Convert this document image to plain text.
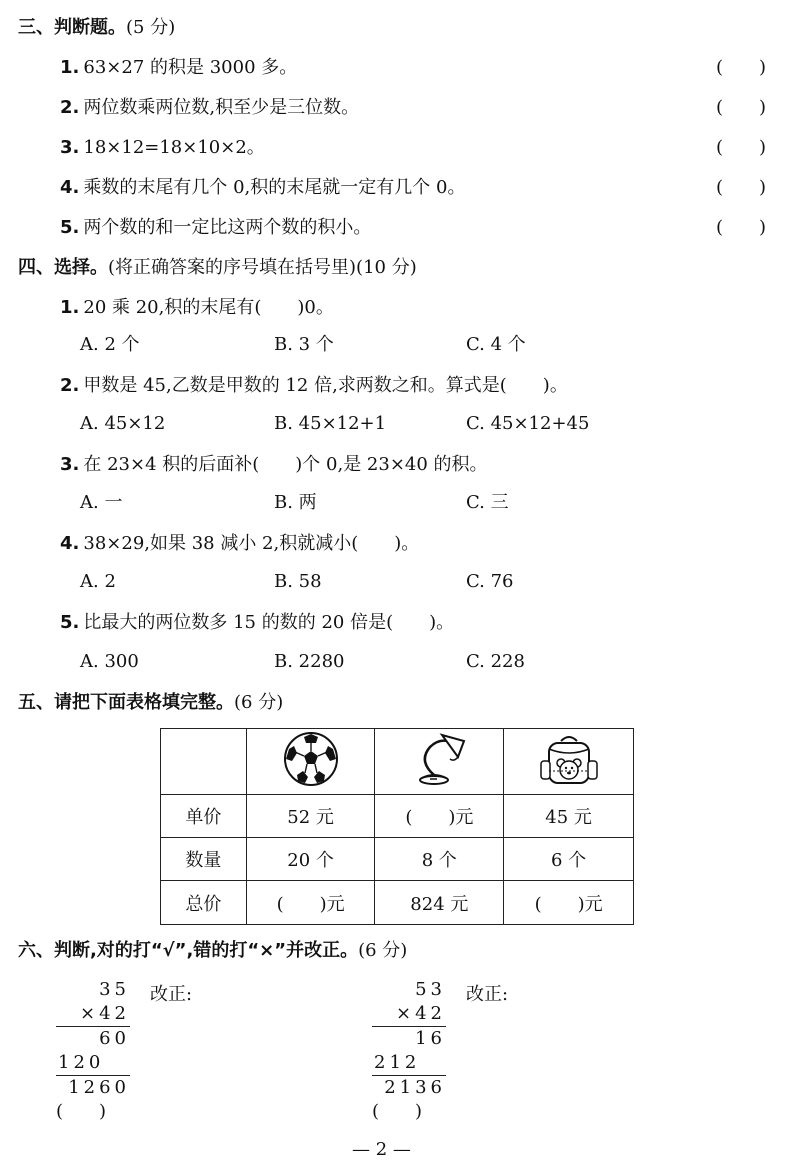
三、判断题。(5 分)
1. 63×27 的积是 3000 多。	(　　)
2. 两位数乘两位数,积至少是三位数。	(　　)
3. 18×12=18×10×2。	(　　)
4. 乘数的末尾有几个 0,积的末尾就一定有几个 0。	(　　)
5. 两个数的和一定比这两个数的积小。	(　　)
四、选择。(将正确答案的序号填在括号里)(10 分)
1. 20 乘 20,积的末尾有(　　)0。
A. 2 个	B. 3 个	C. 4 个
2. 甲数是 45,乙数是甲数的 12 倍,求两数之和。算式是(　　)。
A. 45×12	B. 45×12+1	C. 45×12+45
3. 在 23×4 积的后面补(　　)个 0,是 23×40 的积。
A. 一	B. 两	C. 三
4. 38×29,如果 38 减小 2,积就减小(　　)。
A. 2	B. 58	C. 76
5. 比最大的两位数多 15 的数的 20 倍是(　　)。
A. 300	B. 2280	C. 228
五、请把下面表格填完整。(6 分)

单价	52 元	(　　)元	45 元
数量	20 个	8 个	6 个
总价	(　　)元	824 元	(　　)元
六、判断,对的打“√”,错的打“×”并改正。(6 分)
35
×42
60
120
1260
(　　)
改正:	53
×42
16
212
2136
(　　)
改正:
— 2 —
